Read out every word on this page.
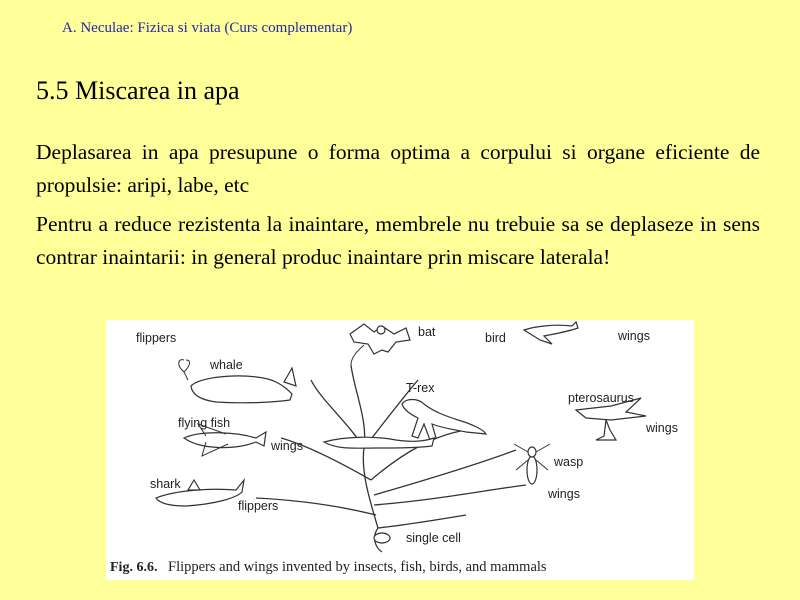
A. Neculae: Fizica si viata (Curs complementar)
5.5 Miscarea in apa

Deplasarea in apa presupune o forma optima a corpului si organe eficiente de propulsie: aripi, labe, etc

Pentru a reduce rezistenta la inaintare, membrele nu trebuie sa se deplaseze in sens contrar inaintarii: in general produc inaintare prin miscare laterala!

flippers
whale
bat	bird	wings
T-rex
pterosaurus
wings
flying fish
wings
wasp
wings
shark
flippers
single cell
Fig. 6.6. Flippers and wings invented by insects, fish, birds, and mammals
